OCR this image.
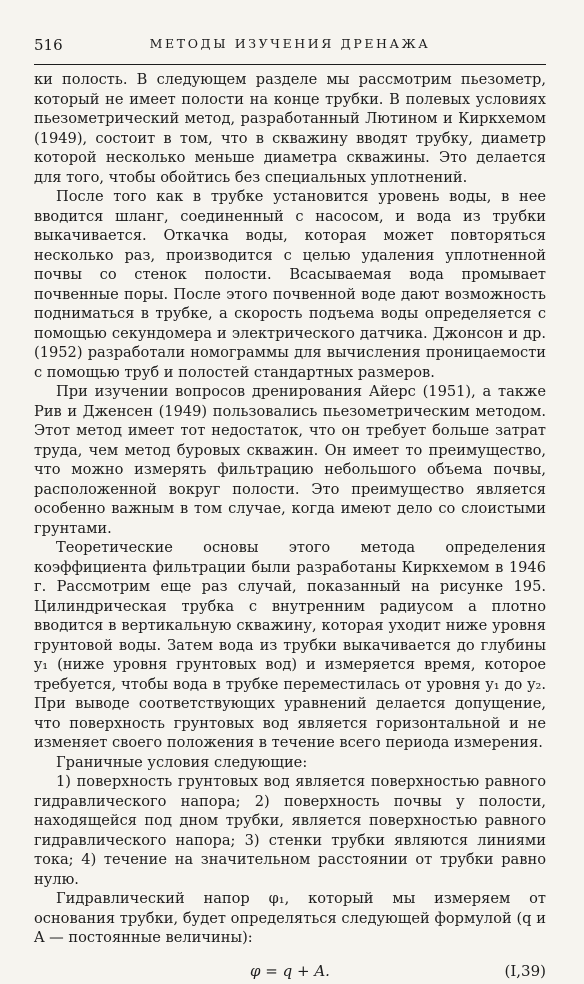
516	МЕТОДЫ ИЗУЧЕНИЯ ДРЕНАЖА

ки полость. В следующем разделе мы рассмотрим пьезометр, который не имеет полости на конце трубки. В полевых условиях пьезометрический метод, разработанный Лютином и Киркхемом (1949), состоит в том, что в скважину вводят трубку, диаметр которой несколько меньше диаметра скважины. Это делается для того, чтобы обойтись без специальных уплотнений.

После того как в трубке установится уровень воды, в нее вводится шланг, соединенный с насосом, и вода из трубки выкачивается. Откачка воды, которая может повторяться несколько раз, производится с целью удаления уплотненной почвы со стенок полости. Всасываемая вода промывает почвенные поры. После этого почвенной воде дают возможность подниматься в трубке, а скорость подъема воды определяется с помощью секундомера и электрического датчика. Джонсон и др. (1952) разработали номограммы для вычисления проницаемости с помощью труб и полостей стандартных размеров.

При изучении вопросов дренирования Айерс (1951), а также Рив и Дженсен (1949) пользовались пьезометрическим методом. Этот метод имеет тот недостаток, что он требует больше затрат труда, чем метод буровых скважин. Он имеет то преимущество, что можно измерять фильтрацию небольшого объема почвы, расположенной вокруг полости. Это преимущество является особенно важным в том случае, когда имеют дело со слоистыми грунтами.

Теоретические основы этого метода определения коэффициента фильтрации были разработаны Киркхемом в 1946 г. Рассмотрим еще раз случай, показанный на рисунке 195. Цилиндрическая трубка с внутренним радиусом a плотно вводится в вертикальную скважину, которая уходит ниже уровня грунтовой воды. Затем вода из трубки выкачивается до глубины y₁ (ниже уровня грунтовых вод) и измеряется время, которое требуется, чтобы вода в трубке переместилась от уровня y₁ до y₂. При выводе соответствующих уравнений делается допущение, что поверхность грунтовых вод является горизонтальной и не изменяет своего положения в течение всего периода измерения.

Граничные условия следующие:

1) поверхность грунтовых вод является поверхностью равного гидравлического напора; 2) поверхность почвы у полости, находящейся под дном трубки, является поверхностью равного гидравлического напора; 3) стенки трубки являются линиями тока; 4) течение на значительном расстоянии от трубки равно нулю.

Гидравлический напор φ₁, который мы измеряем от основания трубки, будет определяться следующей формулой (q и A — постоянные величины):

φ = q + A.	(I,39)
